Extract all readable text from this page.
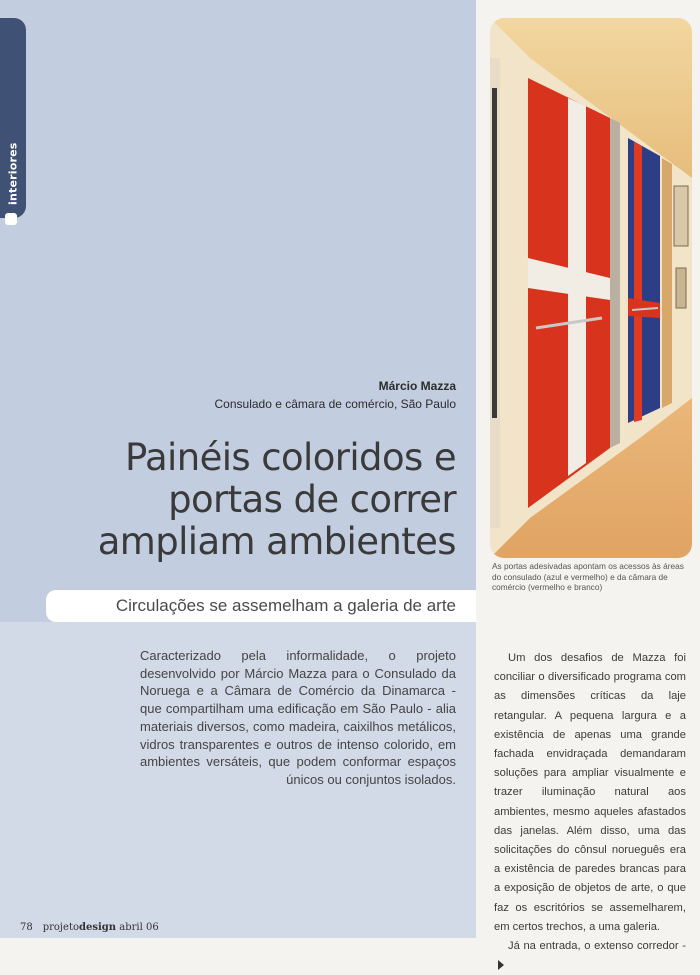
interiores
Márcio Mazza
Consulado e câmara de comércio, São Paulo
Painéis coloridos e
portas de correr
ampliam ambientes
Circulações se assemelham a galeria de arte
Caracterizado pela informalidade, o projeto desenvolvido por Márcio Mazza para o Consulado da Noruega e a Câmara de Comércio da Dinamarca - que compartilham uma edificação em São Paulo - alia materiais diversos, como madeira, caixilhos metálicos, vidros transparentes e outros de intenso colorido, em ambientes versáteis, que podem conformar espaços únicos ou conjuntos isolados.
As portas adesivadas apontam os acessos às áreas do consulado (azul e vermelho) e da câmara de comércio (vermelho e branco)

Um dos desafios de Mazza foi conciliar o diversificado programa com as dimensões críticas da laje retangular. A pequena largura e a existência de apenas uma grande fachada envidraçada demandaram soluções para ampliar visualmente e trazer iluminação natural aos ambientes, mesmo aqueles afastados das janelas. Além disso, uma das solicitações do cônsul norueguês era a existência de paredes brancas para a exposição de objetos de arte, o que faz os escritórios se assemelharem, em certos trechos, a uma galeria.

Já na entrada, o extenso corredor -

78 projetodesign abril 06
